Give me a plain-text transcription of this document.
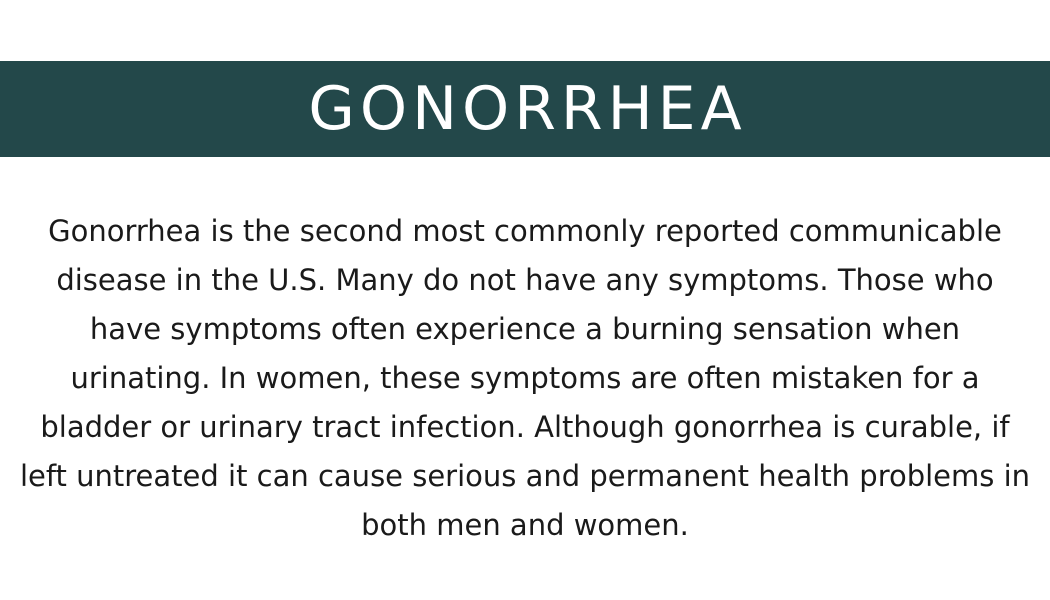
GONORRHEA

Gonorrhea is the second most commonly reported communicable disease in the U.S. Many do not have any symptoms. Those who have symptoms often experience a burning sensation when urinating. In women, these symptoms are often mistaken for a bladder or urinary tract infection. Although gonorrhea is curable, if left untreated it can cause serious and permanent health problems in both men and women.
